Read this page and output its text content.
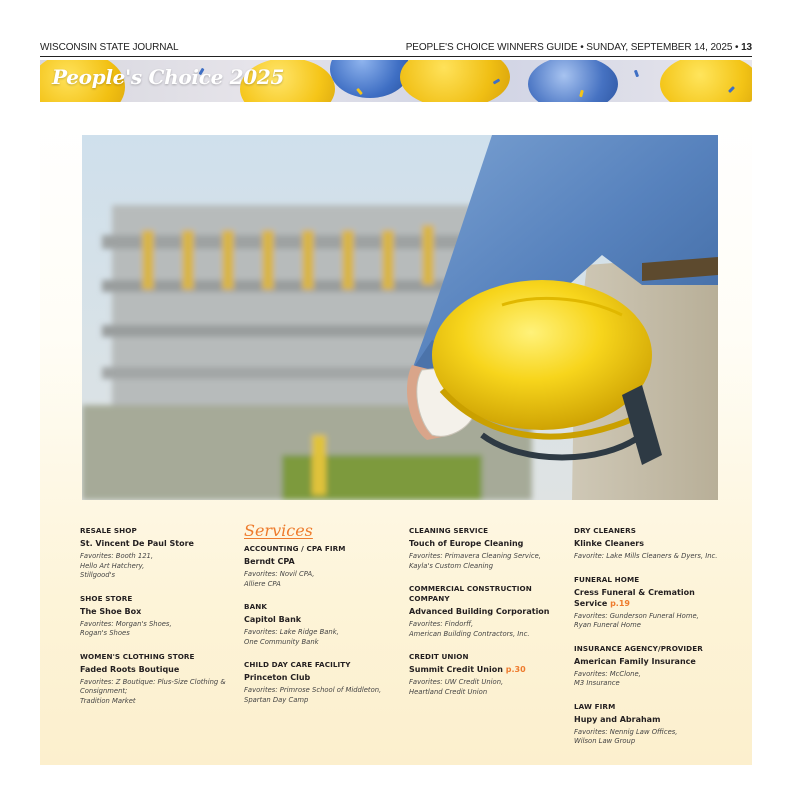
WISCONSIN STATE JOURNAL	PEOPLE'S CHOICE WINNERS GUIDE • SUNDAY, SEPTEMBER 14, 2025 • 13
People's Choice 2025
RESALE SHOP
St. Vincent De Paul Store
Favorites: Booth 121,
Hello Art Hatchery,
Stillgood's
SHOE STORE
The Shoe Box
Favorites: Morgan's Shoes,
Rogan's Shoes
WOMEN'S CLOTHING STORE
Faded Roots Boutique
Favorites: Z Boutique: Plus-Size Clothing &
Consignment;
Tradition Market
Services
ACCOUNTING / CPA FIRM
Berndt CPA
Favorites: Novil CPA,
Alliere CPA
BANK
Capitol Bank
Favorites: Lake Ridge Bank,
One Community Bank
CHILD DAY CARE FACILITY
Princeton Club
Favorites: Primrose School of Middleton,
Spartan Day Camp
CLEANING SERVICE
Touch of Europe Cleaning
Favorites: Primavera Cleaning Service,
Kayla's Custom Cleaning
COMMERCIAL CONSTRUCTION COMPANY
Advanced Building Corporation
Favorites: Findorff,
American Building Contractors, Inc.
CREDIT UNION
Summit Credit Union p.30
Favorites: UW Credit Union,
Heartland Credit Union
DRY CLEANERS
Klinke Cleaners
Favorite: Lake Mills Cleaners & Dyers, Inc.
FUNERAL HOME
Cress Funeral & Cremation Service p.19
Favorites: Gunderson Funeral Home,
Ryan Funeral Home
INSURANCE AGENCY/PROVIDER
American Family Insurance
Favorites: McClone,
M3 Insurance
LAW FIRM
Hupy and Abraham
Favorites: Nennig Law Offices,
Wilson Law Group
